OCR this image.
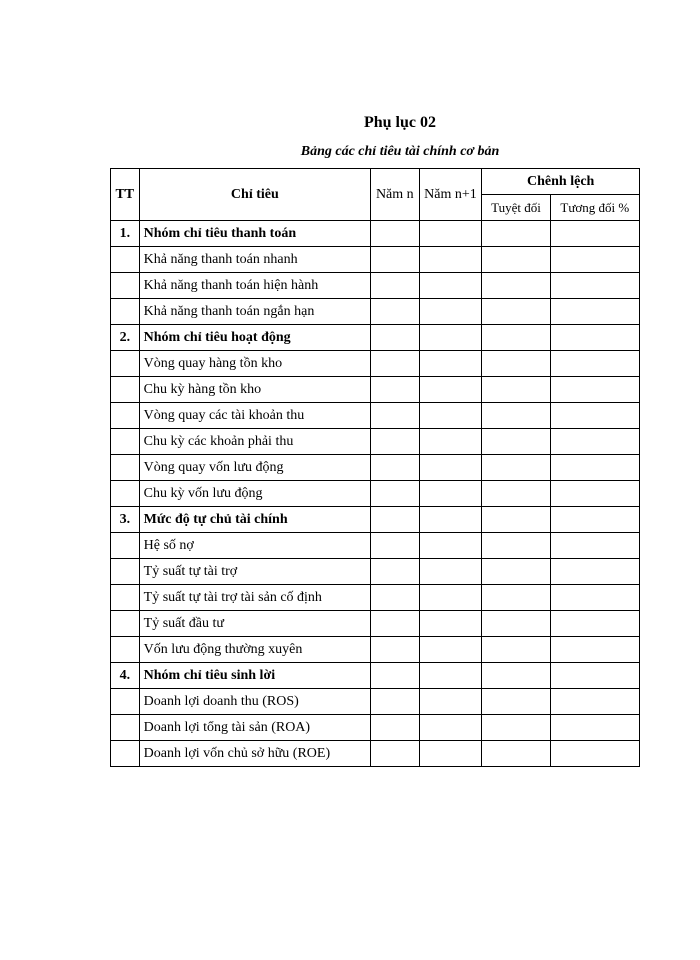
Phụ lục 02
Bảng các chỉ tiêu tài chính cơ bản
TT	Chỉ tiêu	Năm n	Năm n+1	Chênh lệch	
				Tuyệt đối	Tương đối %
1.	Nhóm chỉ tiêu thanh toán				
	Khả năng thanh toán nhanh				
	Khả năng thanh toán hiện hành				
	Khả năng thanh toán ngắn hạn				
2.	Nhóm chỉ tiêu hoạt động				
	Vòng quay hàng tồn kho				
	Chu kỳ hàng tồn kho				
	Vòng quay các tài khoản thu				
	Chu kỳ các khoản phải thu				
	Vòng quay vốn lưu động				
	Chu kỳ vốn lưu động				
3.	Mức độ tự chủ tài chính				
	Hệ số nợ				
	Tỷ suất tự tài trợ				
	Tỷ suất tự tài trợ tài sản cố định				
	Tỷ suất đầu tư				
	Vốn lưu động thường xuyên				
4.	Nhóm chỉ tiêu sinh lời				
	Doanh lợi doanh thu (ROS)				
	Doanh lợi tổng tài sản (ROA)				
	Doanh lợi vốn chủ sở hữu (ROE)				
